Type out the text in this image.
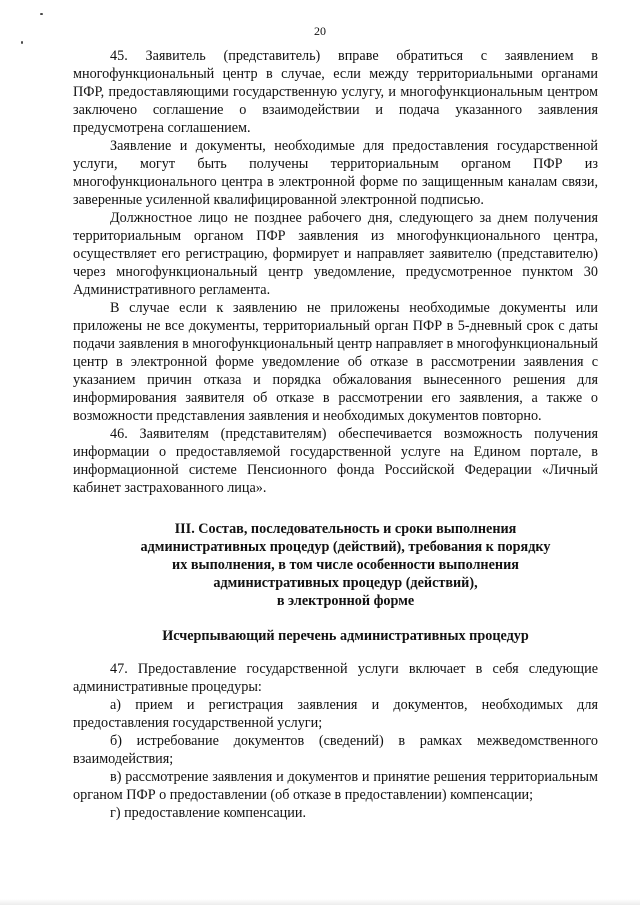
20

45. Заявитель (представитель) вправе обратиться с заявлением в многофункциональный центр в случае, если между территориальными органами ПФР, предоставляющими государственную услугу, и многофункциональным центром заключено соглашение о взаимодействии и подача указанного заявления предусмотрена соглашением.

Заявление и документы, необходимые для предоставления государственной услуги, могут быть получены территориальным органом ПФР из многофункционального центра в электронной форме по защищенным каналам связи, заверенные усиленной квалифицированной электронной подписью.

Должностное лицо не позднее рабочего дня, следующего за днем получения территориальным органом ПФР заявления из многофункционального центра, осуществляет его регистрацию, формирует и направляет заявителю (представителю) через многофункциональный центр уведомление, предусмотренное пунктом 30 Административного регламента.

В случае если к заявлению не приложены необходимые документы или приложены не все документы, территориальный орган ПФР в 5-дневный срок с даты подачи заявления в многофункциональный центр направляет в многофункциональный центр в электронной форме уведомление об отказе в рассмотрении заявления с указанием причин отказа и порядка обжалования вынесенного решения для информирования заявителя об отказе в рассмотрении его заявления, а также о возможности представления заявления и необходимых документов повторно.

46. Заявителям (представителям) обеспечивается возможность получения информации о предоставляемой государственной услуге на Едином портале, в информационной системе Пенсионного фонда Российской Федерации «Личный кабинет застрахованного лица».

III. Состав, последовательность и сроки выполнения
административных процедур (действий), требования к порядку
их выполнения, в том числе особенности выполнения
административных процедур (действий),
в электронной форме
Исчерпывающий перечень административных процедур

47. Предоставление государственной услуги включает в себя следующие административные процедуры:

а) прием и регистрация заявления и документов, необходимых для предоставления государственной услуги;

б) истребование документов (сведений) в рамках межведомственного взаимодействия;

в) рассмотрение заявления и документов и принятие решения территориальным органом ПФР о предоставлении (об отказе в предоставлении) компенсации;

г) предоставление компенсации.
